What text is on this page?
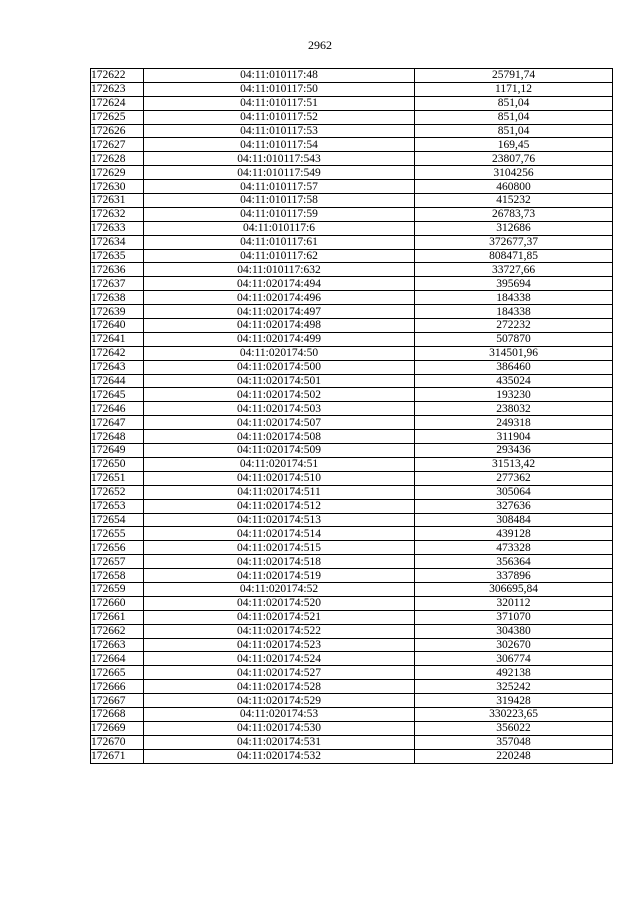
2962
172622	04:11:010117:48	25791,74
172623	04:11:010117:50	1171,12
172624	04:11:010117:51	851,04
172625	04:11:010117:52	851,04
172626	04:11:010117:53	851,04
172627	04:11:010117:54	169,45
172628	04:11:010117:543	23807,76
172629	04:11:010117:549	3104256
172630	04:11:010117:57	460800
172631	04:11:010117:58	415232
172632	04:11:010117:59	26783,73
172633	04:11:010117:6	312686
172634	04:11:010117:61	372677,37
172635	04:11:010117:62	808471,85
172636	04:11:010117:632	33727,66
172637	04:11:020174:494	395694
172638	04:11:020174:496	184338
172639	04:11:020174:497	184338
172640	04:11:020174:498	272232
172641	04:11:020174:499	507870
172642	04:11:020174:50	314501,96
172643	04:11:020174:500	386460
172644	04:11:020174:501	435024
172645	04:11:020174:502	193230
172646	04:11:020174:503	238032
172647	04:11:020174:507	249318
172648	04:11:020174:508	311904
172649	04:11:020174:509	293436
172650	04:11:020174:51	31513,42
172651	04:11:020174:510	277362
172652	04:11:020174:511	305064
172653	04:11:020174:512	327636
172654	04:11:020174:513	308484
172655	04:11:020174:514	439128
172656	04:11:020174:515	473328
172657	04:11:020174:518	356364
172658	04:11:020174:519	337896
172659	04:11:020174:52	306695,84
172660	04:11:020174:520	320112
172661	04:11:020174:521	371070
172662	04:11:020174:522	304380
172663	04:11:020174:523	302670
172664	04:11:020174:524	306774
172665	04:11:020174:527	492138
172666	04:11:020174:528	325242
172667	04:11:020174:529	319428
172668	04:11:020174:53	330223,65
172669	04:11:020174:530	356022
172670	04:11:020174:531	357048
172671	04:11:020174:532	220248
